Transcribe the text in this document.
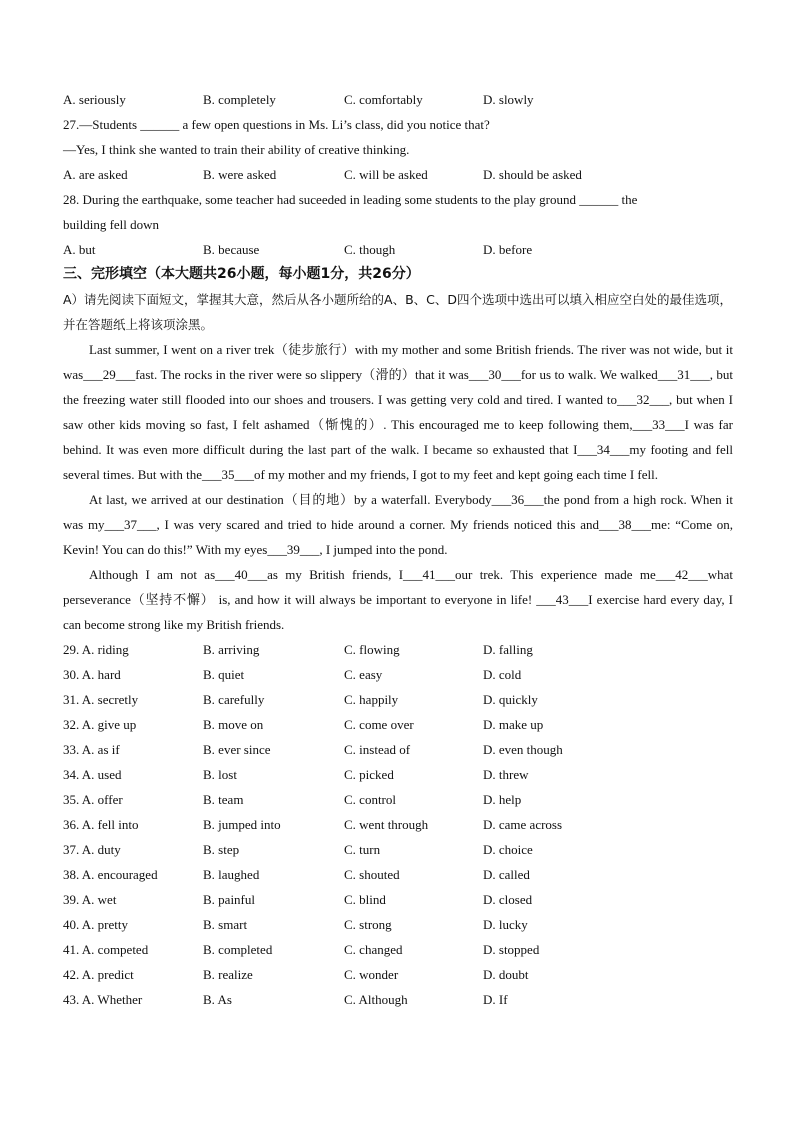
A. seriously	B. completely	C. comfortably	D. slowly
27.—Students ______ a few open questions in Ms. Li’s class, did you notice that?
—Yes, I think she wanted to train their ability of creative thinking.
A. are asked	B. were asked	C. will be asked	D. should be asked
28. During the earthquake, some teacher had suceeded in leading some students to the play ground ______ the
building fell down
A. but	B. because	C. though	D. before
三、完形填空（本大题共26小题，每小题1分，共26分）
A）请先阅读下面短文，掌握其大意，然后从各小题所给的A、B、C、D四个选项中选出可以填入相应空白处的最佳选项，并在答题纸上将该项涂黑。
Last summer, I went on a river trek（徒步旅行）with my mother and some British friends. The river was not wide, but it was___29___fast. The rocks in the river were so slippery（滑的）that it was___30___for us to walk. We walked___31___, but the freezing water still flooded into our shoes and trousers. I was getting very cold and tired. I wanted to___32___, but when I saw other kids moving so fast, I felt ashamed（惭愧的）. This encouraged me to keep following them,___33___I was far behind. It was even more difficult during the last part of the walk. I became so exhausted that I___34___my footing and fell several times. But with the___35___of my mother and my friends, I got to my feet and kept going each time I fell.
At last, we arrived at our destination（目的地）by a waterfall. Everybody___36___the pond from a high rock. When it was my___37___, I was very scared and tried to hide around a corner. My friends noticed this and___38___me: “Come on, Kevin! You can do this!” With my eyes___39___, I jumped into the pond.
Although I am not as___40___as my British friends, I___41___our trek. This experience made me___42___what perseverance（坚持不懈） is, and how it will always be important to everyone in life! ___43___I exercise hard every day, I can become strong like my British friends.
29. A. riding	B. arriving	C. flowing	D. falling
30. A. hard	B. quiet	C. easy	D. cold
31. A. secretly	B. carefully	C. happily	D. quickly
32. A. give up	B. move on	C. come over	D. make up
33. A. as if	B. ever since	C. instead of	D. even though
34. A. used	B. lost	C. picked	D. threw
35. A. offer	B. team	C. control	D. help
36. A. fell into	B. jumped into	C. went through	D. came across
37. A. duty	B. step	C. turn	D. choice
38. A. encouraged	B. laughed	C. shouted	D. called
39. A. wet	B. painful	C. blind	D. closed
40. A. pretty	B. smart	C. strong	D. lucky
41. A. competed	B. completed	C. changed	D. stopped
42. A. predict	B. realize	C. wonder	D. doubt
43. A. Whether	B. As	C. Although	D. If
